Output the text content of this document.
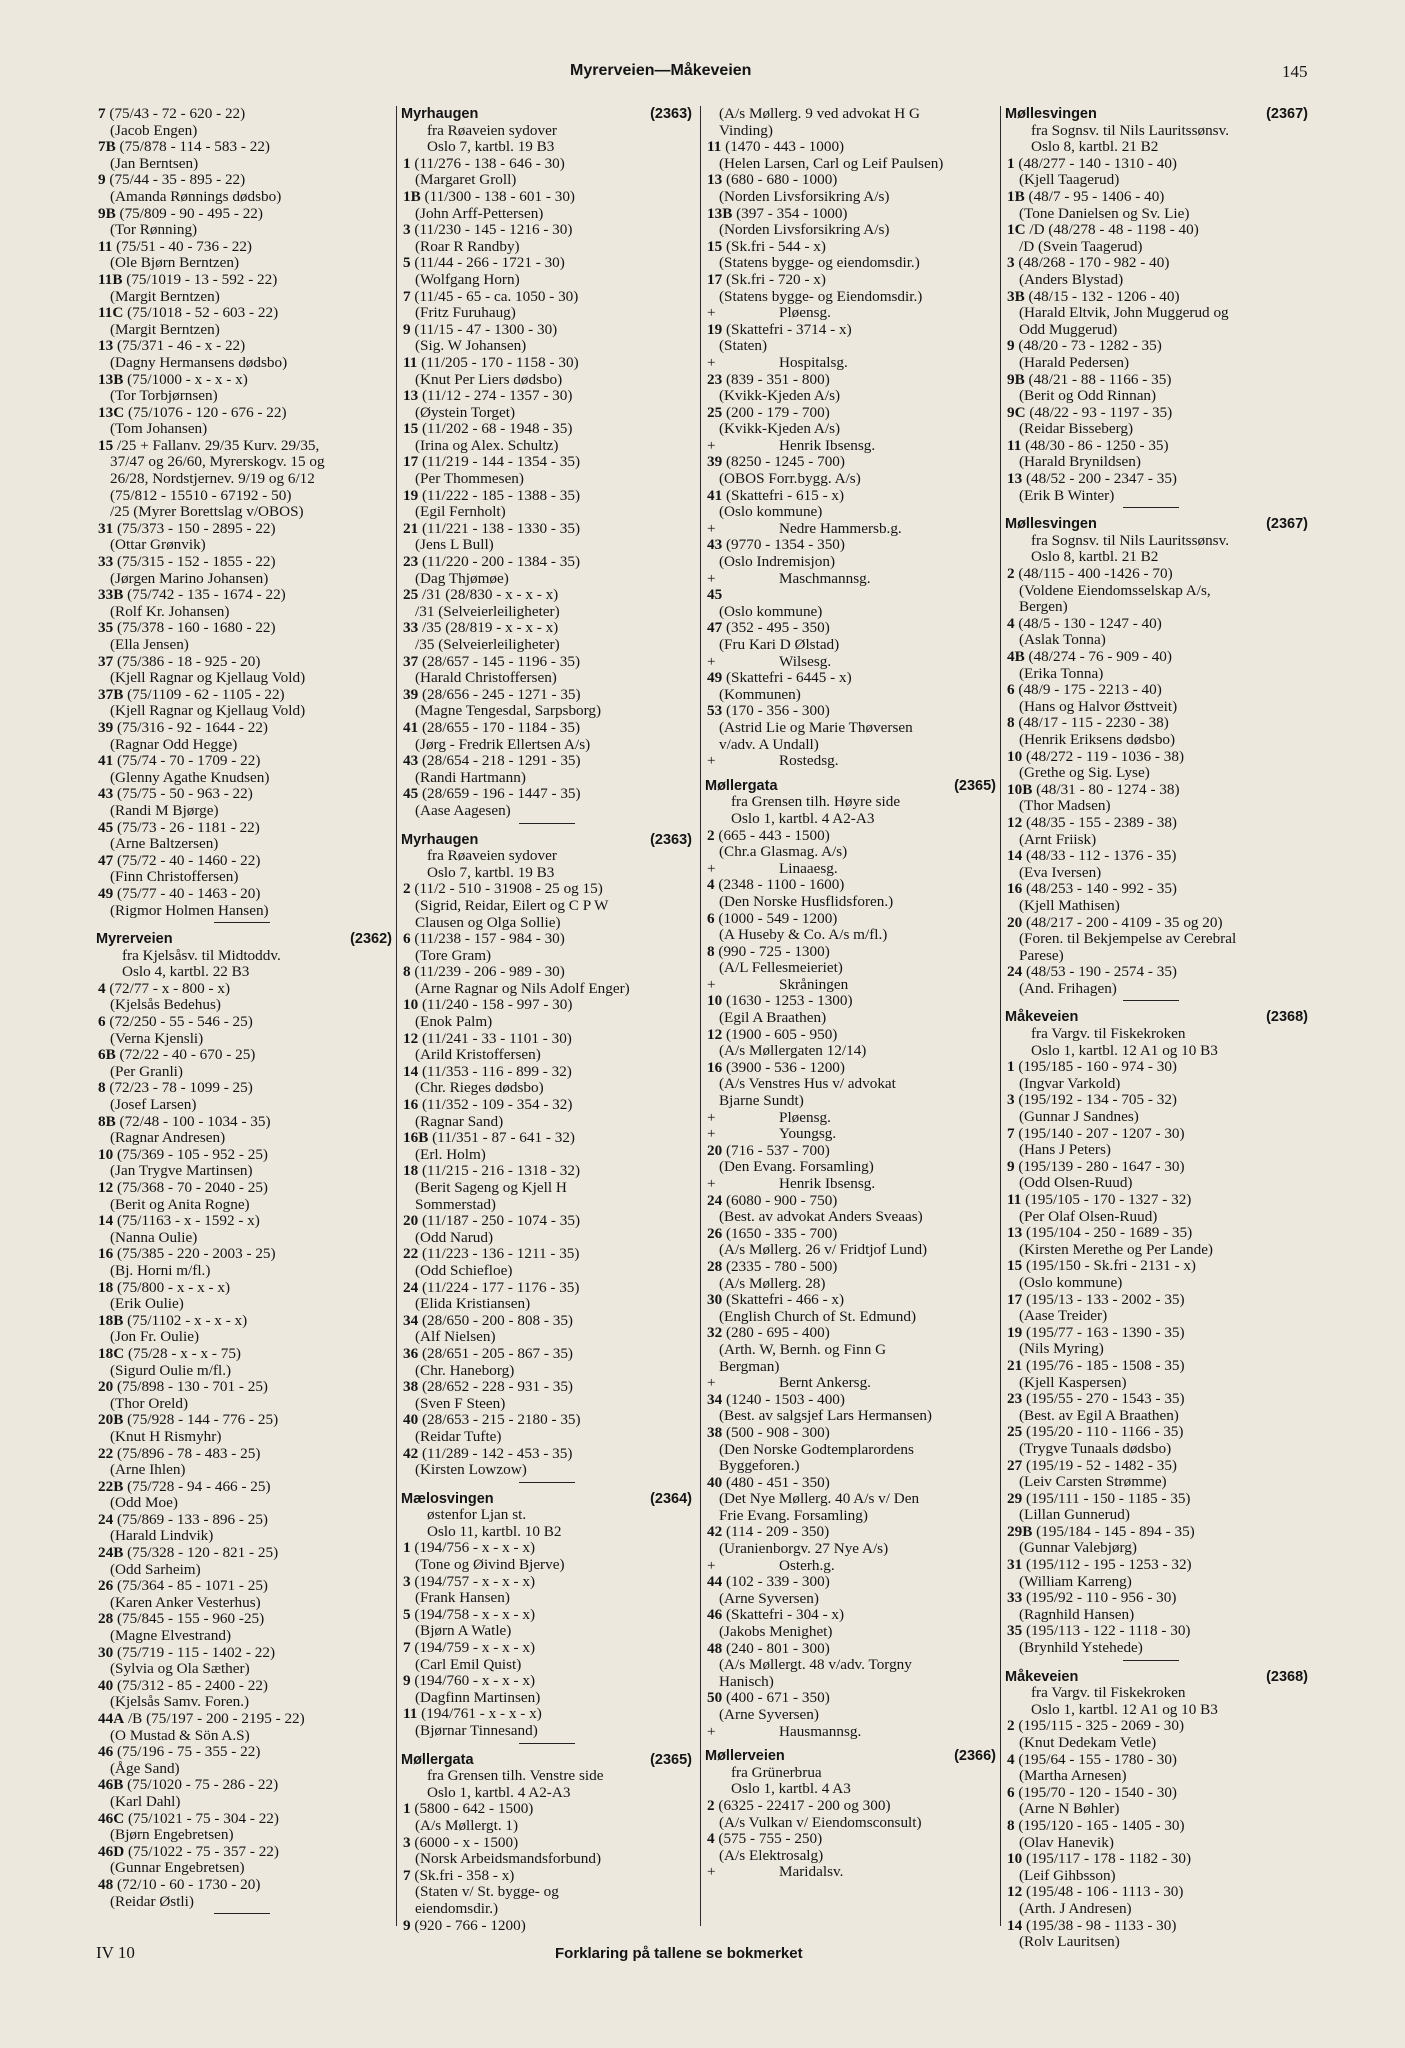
Myrerveien—Måkeveien	145
7 (75/43 - 72 - 620 - 22)
(Jacob Engen)
7B (75/878 - 114 - 583 - 22)
(Jan Berntsen)
9 (75/44 - 35 - 895 - 22)
(Amanda Rønnings dødsbo)
9B (75/809 - 90 - 495 - 22)
(Tor Rønning)
11 (75/51 - 40 - 736 - 22)
(Ole Bjørn Berntzen)
11B (75/1019 - 13 - 592 - 22)
(Margit Berntzen)
11C (75/1018 - 52 - 603 - 22)
(Margit Berntzen)
13 (75/371 - 46 - x - 22)
(Dagny Hermansens dødsbo)
13B (75/1000 - x - x - x)
(Tor Torbjørnsen)
13C (75/1076 - 120 - 676 - 22)
(Tom Johansen)
15 /25 + Fallanv. 29/35 Kurv. 29/35,
37/47 og 26/60, Myrerskogv. 15 og
26/28, Nordstjernev. 9/19 og 6/12
(75/812 - 15510 - 67192 - 50)
/25 (Myrer Borettslag v/OBOS)
31 (75/373 - 150 - 2895 - 22)
(Ottar Grønvik)
33 (75/315 - 152 - 1855 - 22)
(Jørgen Marino Johansen)
33B (75/742 - 135 - 1674 - 22)
(Rolf Kr. Johansen)
35 (75/378 - 160 - 1680 - 22)
(Ella Jensen)
37 (75/386 - 18 - 925 - 20)
(Kjell Ragnar og Kjellaug Vold)
37B (75/1109 - 62 - 1105 - 22)
(Kjell Ragnar og Kjellaug Vold)
39 (75/316 - 92 - 1644 - 22)
(Ragnar Odd Hegge)
41 (75/74 - 70 - 1709 - 22)
(Glenny Agathe Knudsen)
43 (75/75 - 50 - 963 - 22)
(Randi M Bjørge)
45 (75/73 - 26 - 1181 - 22)
(Arne Baltzersen)
47 (75/72 - 40 - 1460 - 22)
(Finn Christoffersen)
49 (75/77 - 40 - 1463 - 20)
(Rigmor Holmen Hansen)
Myrerveien	(2362)
fra Kjelsåsv. til Midtoddv.
Oslo 4, kartbl. 22 B3
4 (72/77 - x - 800 - x)
(Kjelsås Bedehus)
6 (72/250 - 55 - 546 - 25)
(Verna Kjensli)
6B (72/22 - 40 - 670 - 25)
(Per Granli)
8 (72/23 - 78 - 1099 - 25)
(Josef Larsen)
8B (72/48 - 100 - 1034 - 35)
(Ragnar Andresen)
10 (75/369 - 105 - 952 - 25)
(Jan Trygve Martinsen)
12 (75/368 - 70 - 2040 - 25)
(Berit og Anita Rogne)
14 (75/1163 - x - 1592 - x)
(Nanna Oulie)
16 (75/385 - 220 - 2003 - 25)
(Bj. Horni m/fl.)
18 (75/800 - x - x - x)
(Erik Oulie)
18B (75/1102 - x - x - x)
(Jon Fr. Oulie)
18C (75/28 - x - x - 75)
(Sigurd Oulie m/fl.)
20 (75/898 - 130 - 701 - 25)
(Thor Oreld)
20B (75/928 - 144 - 776 - 25)
(Knut H Rismyhr)
22 (75/896 - 78 - 483 - 25)
(Arne Ihlen)
22B (75/728 - 94 - 466 - 25)
(Odd Moe)
24 (75/869 - 133 - 896 - 25)
(Harald Lindvik)
24B (75/328 - 120 - 821 - 25)
(Odd Sarheim)
26 (75/364 - 85 - 1071 - 25)
(Karen Anker Vesterhus)
28 (75/845 - 155 - 960 -25)
(Magne Elvestrand)
30 (75/719 - 115 - 1402 - 22)
(Sylvia og Ola Sæther)
40 (75/312 - 85 - 2400 - 22)
(Kjelsås Samv. Foren.)
44A /B (75/197 - 200 - 2195 - 22)
(O Mustad & Sön A.S)
46 (75/196 - 75 - 355 - 22)
(Åge Sand)
46B (75/1020 - 75 - 286 - 22)
(Karl Dahl)
46C (75/1021 - 75 - 304 - 22)
(Bjørn Engebretsen)
46D (75/1022 - 75 - 357 - 22)
(Gunnar Engebretsen)
48 (72/10 - 60 - 1730 - 20)
(Reidar Østli)
Myrhaugen	(2363)
fra Røaveien sydover
Oslo 7, kartbl. 19 B3
1 (11/276 - 138 - 646 - 30)
(Margaret Groll)
1B (11/300 - 138 - 601 - 30)
(John Arff-Pettersen)
3 (11/230 - 145 - 1216 - 30)
(Roar R Randby)
5 (11/44 - 266 - 1721 - 30)
(Wolfgang Horn)
7 (11/45 - 65 - ca. 1050 - 30)
(Fritz Furuhaug)
9 (11/15 - 47 - 1300 - 30)
(Sig. W Johansen)
11 (11/205 - 170 - 1158 - 30)
(Knut Per Liers dødsbo)
13 (11/12 - 274 - 1357 - 30)
(Øystein Torget)
15 (11/202 - 68 - 1948 - 35)
(Irina og Alex. Schultz)
17 (11/219 - 144 - 1354 - 35)
(Per Thommesen)
19 (11/222 - 185 - 1388 - 35)
(Egil Fernholt)
21 (11/221 - 138 - 1330 - 35)
(Jens L Bull)
23 (11/220 - 200 - 1384 - 35)
(Dag Thjømøe)
25 /31 (28/830 - x - x - x)
/31 (Selveierleiligheter)
33 /35 (28/819 - x - x - x)
/35 (Selveierleiligheter)
37 (28/657 - 145 - 1196 - 35)
(Harald Christoffersen)
39 (28/656 - 245 - 1271 - 35)
(Magne Tengesdal, Sarpsborg)
41 (28/655 - 170 - 1184 - 35)
(Jørg - Fredrik Ellertsen A/s)
43 (28/654 - 218 - 1291 - 35)
(Randi Hartmann)
45 (28/659 - 196 - 1447 - 35)
(Aase Aagesen)
Myrhaugen	(2363)
fra Røaveien sydover
Oslo 7, kartbl. 19 B3
2 (11/2 - 510 - 31908 - 25 og 15)
(Sigrid, Reidar, Eilert og C P W
Clausen og Olga Sollie)
6 (11/238 - 157 - 984 - 30)
(Tore Gram)
8 (11/239 - 206 - 989 - 30)
(Arne Ragnar og Nils Adolf Enger)
10 (11/240 - 158 - 997 - 30)
(Enok Palm)
12 (11/241 - 33 - 1101 - 30)
(Arild Kristoffersen)
14 (11/353 - 116 - 899 - 32)
(Chr. Rieges dødsbo)
16 (11/352 - 109 - 354 - 32)
(Ragnar Sand)
16B (11/351 - 87 - 641 - 32)
(Erl. Holm)
18 (11/215 - 216 - 1318 - 32)
(Berit Sageng og Kjell H
Sommerstad)
20 (11/187 - 250 - 1074 - 35)
(Odd Narud)
22 (11/223 - 136 - 1211 - 35)
(Odd Schiefloe)
24 (11/224 - 177 - 1176 - 35)
(Elida Kristiansen)
34 (28/650 - 200 - 808 - 35)
(Alf Nielsen)
36 (28/651 - 205 - 867 - 35)
(Chr. Haneborg)
38 (28/652 - 228 - 931 - 35)
(Sven F Steen)
40 (28/653 - 215 - 2180 - 35)
(Reidar Tufte)
42 (11/289 - 142 - 453 - 35)
(Kirsten Lowzow)
Mælosvingen	(2364)
østenfor Ljan st.
Oslo 11, kartbl. 10 B2
1 (194/756 - x - x - x)
(Tone og Øivind Bjerve)
3 (194/757 - x - x - x)
(Frank Hansen)
5 (194/758 - x - x - x)
(Bjørn A Watle)
7 (194/759 - x - x - x)
(Carl Emil Quist)
9 (194/760 - x - x - x)
(Dagfinn Martinsen)
11 (194/761 - x - x - x)
(Bjørnar Tinnesand)
Møllergata	(2365)
fra Grensen tilh. Venstre side
Oslo 1, kartbl. 4 A2-A3
1 (5800 - 642 - 1500)
(A/s Møllergt. 1)
3 (6000 - x - 1500)
(Norsk Arbeidsmandsforbund)
7 (Sk.fri - 358 - x)
(Staten v/ St. bygge- og
eiendomsdir.)
9 (920 - 766 - 1200)
(A/s Møllerg. 9 ved advokat H G
Vinding)
11 (1470 - 443 - 1000)
(Helen Larsen, Carl og Leif Paulsen)
13 (680 - 680 - 1000)
(Norden Livsforsikring A/s)
13B (397 - 354 - 1000)
(Norden Livsforsikring A/s)
15 (Sk.fri - 544 - x)
(Statens bygge- og eiendomsdir.)
17 (Sk.fri - 720 - x)
(Statens bygge- og Eiendomsdir.)
+	Pløensg.
19 (Skattefri - 3714 - x)
(Staten)
+	Hospitalsg.
23 (839 - 351 - 800)
(Kvikk-Kjeden A/s)
25 (200 - 179 - 700)
(Kvikk-Kjeden A/s)
+	Henrik Ibsensg.
39 (8250 - 1245 - 700)
(OBOS Forr.bygg. A/s)
41 (Skattefri - 615 - x)
(Oslo kommune)
+	Nedre Hammersb.g.
43 (9770 - 1354 - 350)
(Oslo Indremisjon)
+	Maschmannsg.
45
(Oslo kommune)
47 (352 - 495 - 350)
(Fru Kari D Ølstad)
+	Wilsesg.
49 (Skattefri - 6445 - x)
(Kommunen)
53 (170 - 356 - 300)
(Astrid Lie og Marie Thøversen
v/adv. A Undall)
+	Rostedsg.
Møllergata	(2365)
fra Grensen tilh. Høyre side
Oslo 1, kartbl. 4 A2-A3
2 (665 - 443 - 1500)
(Chr.a Glasmag. A/s)
+	Linaaesg.
4 (2348 - 1100 - 1600)
(Den Norske Husflidsforen.)
6 (1000 - 549 - 1200)
(A Huseby & Co. A/s m/fl.)
8 (990 - 725 - 1300)
(A/L Fellesmeieriet)
+	Skråningen
10 (1630 - 1253 - 1300)
(Egil A Braathen)
12 (1900 - 605 - 950)
(A/s Møllergaten 12/14)
16 (3900 - 536 - 1200)
(A/s Venstres Hus v/ advokat
Bjarne Sundt)
+	Pløensg.
+	Youngsg.
20 (716 - 537 - 700)
(Den Evang. Forsamling)
+	Henrik Ibsensg.
24 (6080 - 900 - 750)
(Best. av advokat Anders Sveaas)
26 (1650 - 335 - 700)
(A/s Møllerg. 26 v/ Fridtjof Lund)
28 (2335 - 780 - 500)
(A/s Møllerg. 28)
30 (Skattefri - 466 - x)
(English Church of St. Edmund)
32 (280 - 695 - 400)
(Arth. W, Bernh. og Finn G
Bergman)
+	Bernt Ankersg.
34 (1240 - 1503 - 400)
(Best. av salgsjef Lars Hermansen)
38 (500 - 908 - 300)
(Den Norske Godtemplarordens
Byggeforen.)
40 (480 - 451 - 350)
(Det Nye Møllerg. 40 A/s v/ Den
Frie Evang. Forsamling)
42 (114 - 209 - 350)
(Uranienborgv. 27 Nye A/s)
+	Osterh.g.
44 (102 - 339 - 300)
(Arne Syversen)
46 (Skattefri - 304 - x)
(Jakobs Menighet)
48 (240 - 801 - 300)
(A/s Møllergt. 48 v/adv. Torgny
Hanisch)
50 (400 - 671 - 350)
(Arne Syversen)
+	Hausmannsg.
Møllerveien	(2366)
fra Grünerbrua
Oslo 1, kartbl. 4 A3
2 (6325 - 22417 - 200 og 300)
(A/s Vulkan v/ Eiendomsconsult)
4 (575 - 755 - 250)
(A/s Elektrosalg)
+	Maridalsv.
Møllesvingen	(2367)
fra Sognsv. til Nils Lauritssønsv.
Oslo 8, kartbl. 21 B2
1 (48/277 - 140 - 1310 - 40)
(Kjell Taagerud)
1B (48/7 - 95 - 1406 - 40)
(Tone Danielsen og Sv. Lie)
1C /D (48/278 - 48 - 1198 - 40)
/D (Svein Taagerud)
3 (48/268 - 170 - 982 - 40)
(Anders Blystad)
3B (48/15 - 132 - 1206 - 40)
(Harald Eltvik, John Muggerud og
Odd Muggerud)
9 (48/20 - 73 - 1282 - 35)
(Harald Pedersen)
9B (48/21 - 88 - 1166 - 35)
(Berit og Odd Rinnan)
9C (48/22 - 93 - 1197 - 35)
(Reidar Bisseberg)
11 (48/30 - 86 - 1250 - 35)
(Harald Brynildsen)
13 (48/52 - 200 - 2347 - 35)
(Erik B Winter)
Møllesvingen	(2367)
fra Sognsv. til Nils Lauritssønsv.
Oslo 8, kartbl. 21 B2
2 (48/115 - 400 -1426 - 70)
(Voldene Eiendomsselskap A/s,
Bergen)
4 (48/5 - 130 - 1247 - 40)
(Aslak Tonna)
4B (48/274 - 76 - 909 - 40)
(Erika Tonna)
6 (48/9 - 175 - 2213 - 40)
(Hans og Halvor Østtveit)
8 (48/17 - 115 - 2230 - 38)
(Henrik Eriksens dødsbo)
10 (48/272 - 119 - 1036 - 38)
(Grethe og Sig. Lyse)
10B (48/31 - 80 - 1274 - 38)
(Thor Madsen)
12 (48/35 - 155 - 2389 - 38)
(Arnt Friisk)
14 (48/33 - 112 - 1376 - 35)
(Eva Iversen)
16 (48/253 - 140 - 992 - 35)
(Kjell Mathisen)
20 (48/217 - 200 - 4109 - 35 og 20)
(Foren. til Bekjempelse av Cerebral
Parese)
24 (48/53 - 190 - 2574 - 35)
(And. Frihagen)
Måkeveien	(2368)
fra Vargv. til Fiskekroken
Oslo 1, kartbl. 12 A1 og 10 B3
1 (195/185 - 160 - 974 - 30)
(Ingvar Varkold)
3 (195/192 - 134 - 705 - 32)
(Gunnar J Sandnes)
7 (195/140 - 207 - 1207 - 30)
(Hans J Peters)
9 (195/139 - 280 - 1647 - 30)
(Odd Olsen-Ruud)
11 (195/105 - 170 - 1327 - 32)
(Per Olaf Olsen-Ruud)
13 (195/104 - 250 - 1689 - 35)
(Kirsten Merethe og Per Lande)
15 (195/150 - Sk.fri - 2131 - x)
(Oslo kommune)
17 (195/13 - 133 - 2002 - 35)
(Aase Treider)
19 (195/77 - 163 - 1390 - 35)
(Nils Myring)
21 (195/76 - 185 - 1508 - 35)
(Kjell Kaspersen)
23 (195/55 - 270 - 1543 - 35)
(Best. av Egil A Braathen)
25 (195/20 - 110 - 1166 - 35)
(Trygve Tunaals dødsbo)
27 (195/19 - 52 - 1482 - 35)
(Leiv Carsten Strømme)
29 (195/111 - 150 - 1185 - 35)
(Lillan Gunnerud)
29B (195/184 - 145 - 894 - 35)
(Gunnar Valebjørg)
31 (195/112 - 195 - 1253 - 32)
(William Karreng)
33 (195/92 - 110 - 956 - 30)
(Ragnhild Hansen)
35 (195/113 - 122 - 1118 - 30)
(Brynhild Ystehede)
Måkeveien	(2368)
fra Vargv. til Fiskekroken
Oslo 1, kartbl. 12 A1 og 10 B3
2 (195/115 - 325 - 2069 - 30)
(Knut Dedekam Vetle)
4 (195/64 - 155 - 1780 - 30)
(Martha Arnesen)
6 (195/70 - 120 - 1540 - 30)
(Arne N Bøhler)
8 (195/120 - 165 - 1405 - 30)
(Olav Hanevik)
10 (195/117 - 178 - 1182 - 30)
(Leif Gihbsson)
12 (195/48 - 106 - 1113 - 30)
(Arth. J Andresen)
14 (195/38 - 98 - 1133 - 30)
(Rolv Lauritsen)
IV 10	Forklaring på tallene se bokmerket
